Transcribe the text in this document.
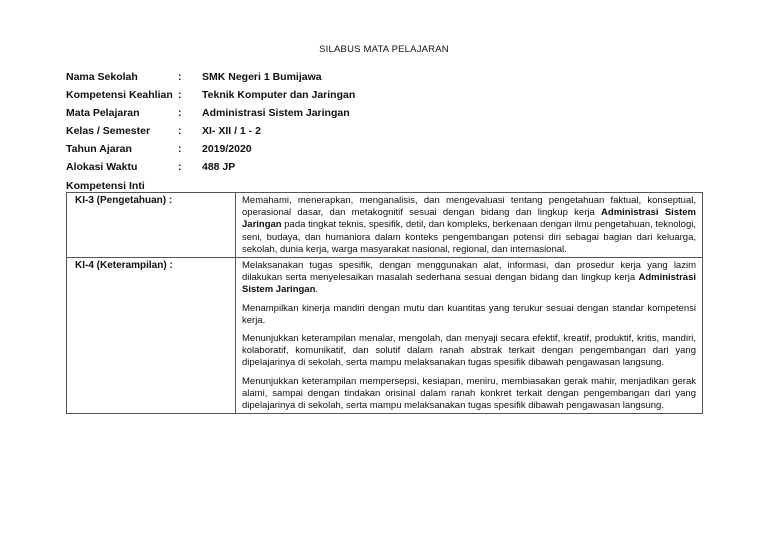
SILABUS MATA PELAJARAN
Nama Sekolah	: SMK Negeri 1 Bumijawa
Kompetensi Keahlian : Teknik Komputer dan Jaringan
Mata Pelajaran	: Administrasi Sistem Jaringan
Kelas / Semester	: XI- XII / 1 - 2
Tahun Ajaran	: 2019/2020
Alokasi Waktu	: 488 JP
Kompetensi Inti
KI-3 (Pengetahuan) :	Memahami, menerapkan, menganalisis, dan mengevaluasi tentang pengetahuan faktual, konseptual, operasional dasar, dan metakognitif sesuai dengan bidang dan lingkup kerja Administrasi Sistem Jaringan pada tingkat teknis, spesifik, detil, dan kompleks, berkenaan dengan ilmu pengetahuan, teknologi, seni, budaya, dan humaniora dalam konteks pengembangan potensi diri sebagai bagian dari keluarga, sekolah, dunia kerja, warga masyarakat nasional, regional, dan internasional.

KI-4 (Keterampilan) :	Melaksanakan tugas spesifik, dengan menggunakan alat, informasi, dan prosedur kerja yang lazim dilakukan serta menyelesaikan masalah sederhana sesuai dengan bidang dan lingkup kerja Administrasi Sistem Jaringan.
Menampilkan kinerja mandiri dengan mutu dan kuantitas yang terukur sesuai dengan standar kompetensi kerja.
Menunjukkan keterampilan menalar, mengolah, dan menyaji secara efektif, kreatif, produktif, kritis, mandiri, kolaboratif, komunikatif, dan solutif dalam ranah abstrak terkait dengan pengembangan dari yang dipelajarinya di sekolah, serta mampu melaksanakan tugas spesifik dibawah pengawasan langsung.
Menunjukkan keterampilan mempersepsi, kesiapan, meniru, membiasakan gerak mahir, menjadikan gerak alami, sampai dengan tindakan orisinal dalam ranah konkret terkait dengan pengembangan dari yang dipelajarinya di sekolah, serta mampu melaksanakan tugas spesifik dibawah pengawasan langsung.
